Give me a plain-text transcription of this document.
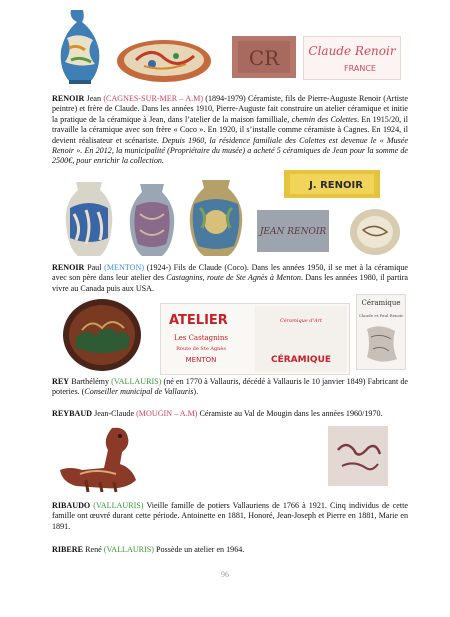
CR Claude Renoir
FRANCE
RENOIR Jean (CAGNES-SUR-MER – A.M) (1894-1979) Céramiste, fils de Pierre-Auguste Renoir (Artiste peintre) et frère de Claude. Dans les années 1910, Pierre-Auguste fait construire un atelier céramique et initie la pratique de la céramique à Jean, dans l’atelier de la maison familliale, chemin des Colettes. En 1915/20, il travaille la céramique avec son frère « Coco ». En 1920, il s’installe comme céramiste à Cagnes. En 1924, il devient réalisateur et scénariste. Depuis 1960, la résidence familiale des Colettes est devenue le « Musée Renoir ». En 2012, la municipalité (Propriétaire du musée) a acheté 5 céramiques de Jean pour la somme de 2500€, pour enrichir la collection.
J. RENOIR
JEAN RENOIR
RENOIR Paul (MENTON) (1924-) Fils de Claude (Coco). Dans les années 1950, il se met à la céramique avec son père dans leur atelier des Castagnins, route de Ste Agnès à Menton. Dans les années 1980, il partira vivre au Canada puis aux USA.
ATELIER
Les Castagnins
Route de Ste Agnès
MENTON
Céramique d'Art
CÉRAMIQUE
Céramique
Claude et Paul Renoir
REY Barthélémy (VALLAURIS) (né en 1770 à Vallauris, décédé à Vallauris le 10 janvier 1849) Fabricant de poteries. (Conseiller municipal de Vallauris).
REYBAUD Jean-Claude (MOUGIN – A.M) Céramiste au Val de Mougin dans les années 1960/1970.
RIBAUDO (VALLAURIS) Vieille famille de potiers Vallauriens de 1766 à 1921. Cinq individus de cette famille ont œuvré durant cette période. Antoinette en 1881, Honoré, Jean-Joseph et Pierre en 1881, Marie en 1891.
RIBERE René (VALLAURIS) Possède un atelier en 1964.
96
